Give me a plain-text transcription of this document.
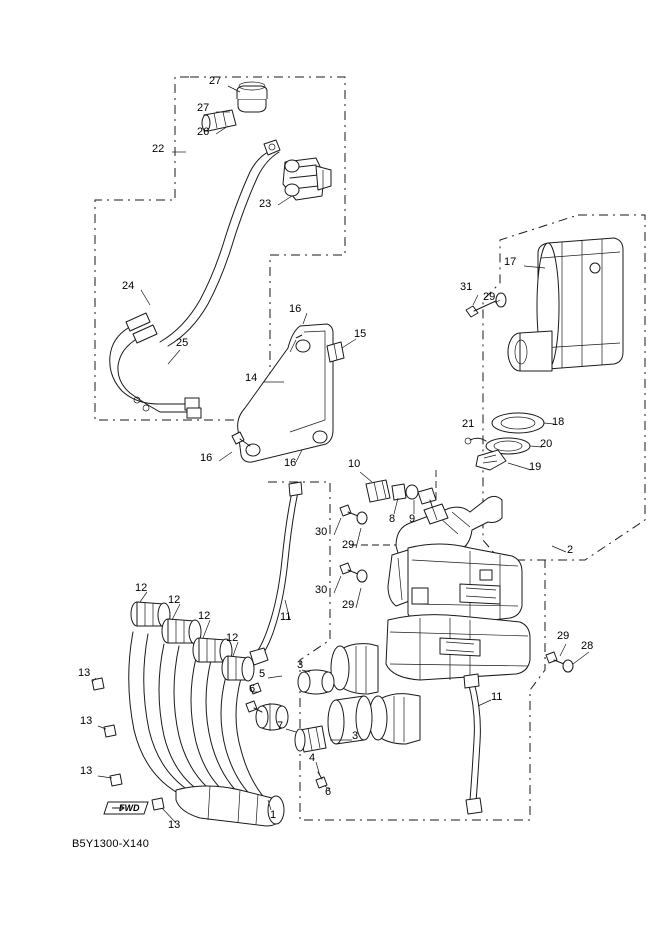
27
27
26
22
23
24
25
17
31
29
16
15
14
18
20
21
19
16	16	10
8 9
30
29	2
30
29
11
12
12
12
12	29
28
13	5
3
6
11
13	7
3
4
13
6
1
13
FWD
B5Y1300-X140
